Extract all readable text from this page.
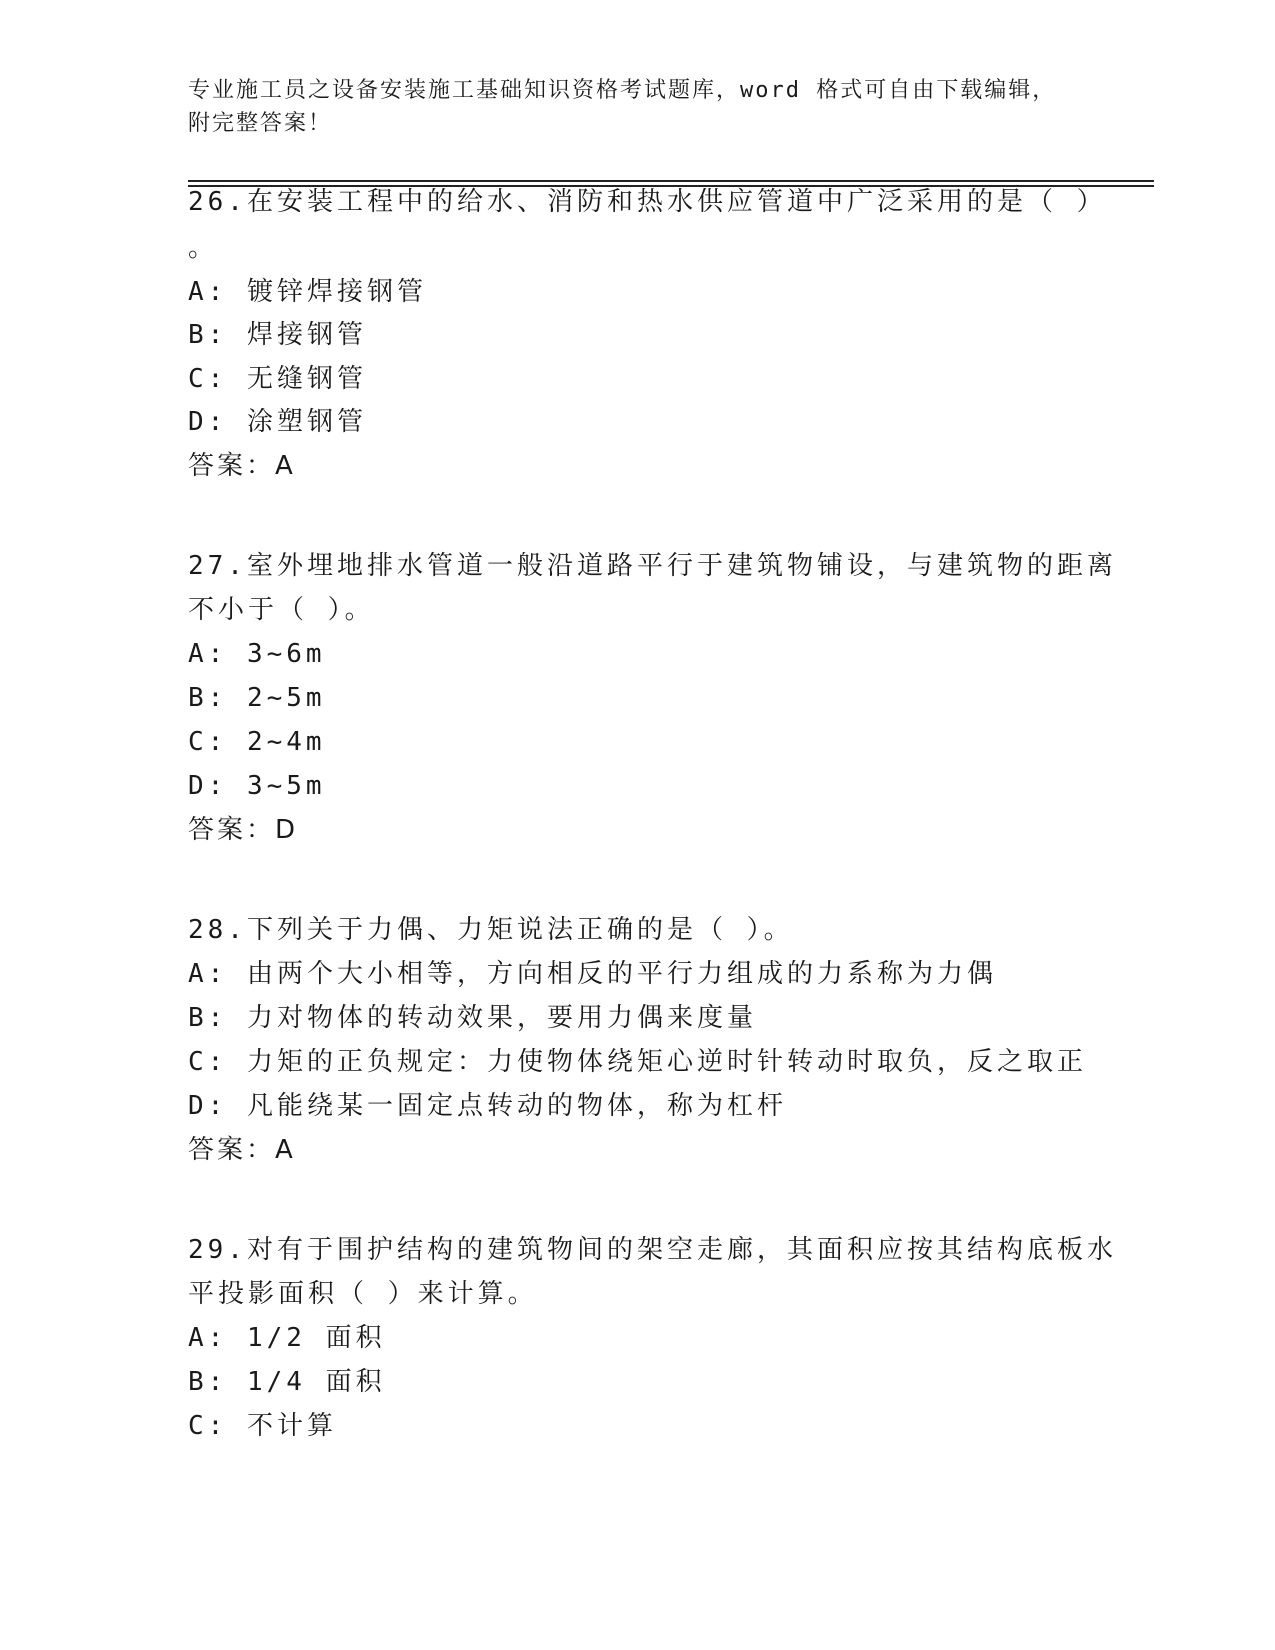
专业施工员之设备安装施工基础知识资格考试题库，word 格式可自由下载编辑，
附完整答案！
26.在安装工程中的给水、消防和热水供应管道中广泛采用的是（ ）
。
A: 镀锌焊接钢管
B: 焊接钢管
C: 无缝钢管
D: 涂塑钢管
答案：A
27.室外埋地排水管道一般沿道路平行于建筑物铺设，与建筑物的距离
不小于（ ）。
A: 3~6m
B: 2~5m
C: 2~4m
D: 3~5m
答案：D
28.下列关于力偶、力矩说法正确的是（ ）。
A: 由两个大小相等，方向相反的平行力组成的力系称为力偶
B: 力对物体的转动效果，要用力偶来度量
C: 力矩的正负规定：力使物体绕矩心逆时针转动时取负，反之取正
D: 凡能绕某一固定点转动的物体，称为杠杆
答案：A
29.对有于围护结构的建筑物间的架空走廊，其面积应按其结构底板水
平投影面积（ ）来计算。
A: 1/2 面积
B: 1/4 面积
C: 不计算
